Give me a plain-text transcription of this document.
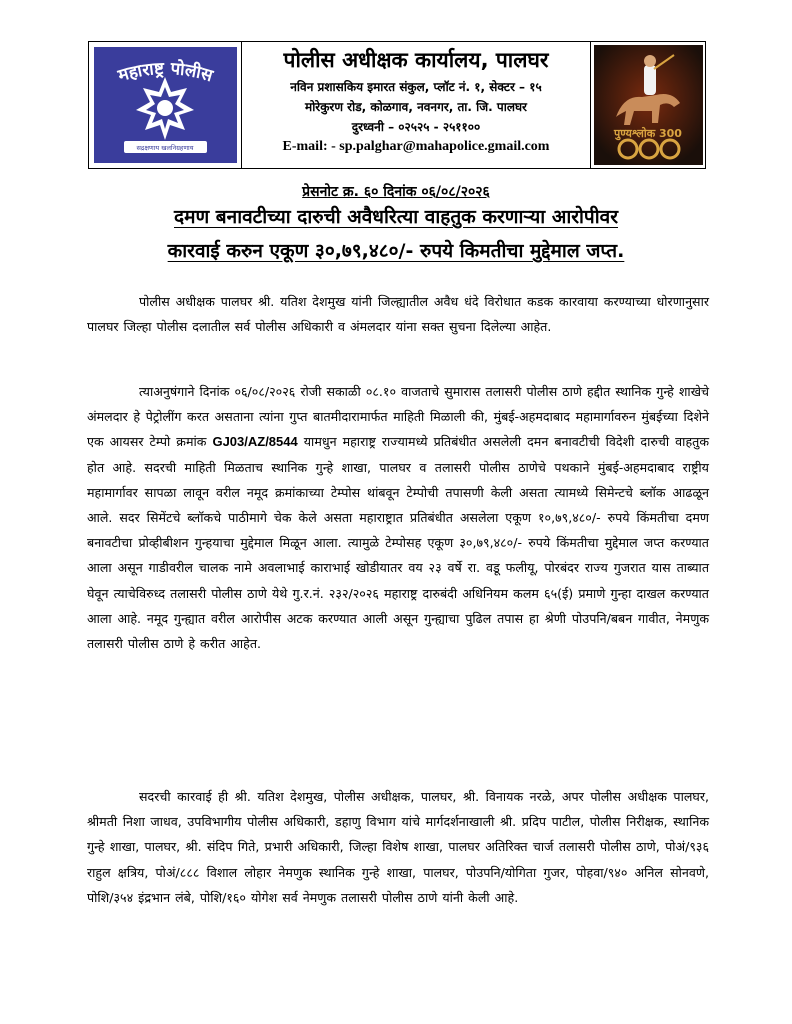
महाराष्ट्र पोलीस
सद्रक्षणाय खलनिग्रहणाय
पोलीस अधीक्षक कार्यालय, पालघर
नविन प्रशासकिय इमारत संकुल, प्लॉट नं. १, सेक्टर – १५
मोरेकुरण रोड, कोळगाव, नवनगर, ता. जि. पालघर
दुरध्वनी – ०२५२५ - २५११००
E-mail: - sp.palghar@mahapolice.gmail.com
पुण्यश्लोक 300
प्रेसनोट क्र. ६० दिनांक ०६/०८/२०२६
दमण बनावटीच्या दारुची अवैधरित्या वाहतुक करणाऱ्या आरोपीवर
कारवाई करुन एकूण ३०,७९,४८०/- रुपये किमतीचा मुद्देमाल जप्त.
पोलीस अधीक्षक पालघर श्री. यतिश देशमुख यांनी जिल्ह्यातील अवैध धंदे विरोधात कडक कारवाया करण्याच्या धोरणानुसार पालघर जिल्हा पोलीस दलातील सर्व पोलीस अधिकारी व अंमलदार यांना सक्त सुचना दिलेल्या आहेत.
त्याअनुषंगाने दिनांक ०६/०८/२०२६ रोजी सकाळी ०८.१० वाजताचे सुमारास तलासरी पोलीस ठाणे हद्दीत स्थानिक गुन्हे शाखेचे अंमलदार हे पेट्रोलींग करत असताना त्यांना गुप्त बातमीदारामार्फत माहिती मिळाली की, मुंबई-अहमदाबाद महामार्गावरुन मुंबईच्या दिशेने एक आयसर टेम्पो क्रमांक GJ03/AZ/8544 यामधुन महाराष्ट्र राज्यामध्ये प्रतिबंधीत असलेली दमन बनावटीची विदेशी दारुची वाहतुक होत आहे. सदरची माहिती मिळताच स्थानिक गुन्हे शाखा, पालघर व तलासरी पोलीस ठाणेचे पथकाने मुंबई-अहमदाबाद राष्ट्रीय महामार्गावर सापळा लावून वरील नमूद क्रमांकाच्या टेम्पोस थांबवून टेम्पोची तपासणी केली असता त्यामध्ये सिमेन्टचे ब्लॉक आढळून आले. सदर सिमेंटचे ब्लॉकचे पाठीमागे चेक केले असता महाराष्ट्रात प्रतिबंधीत असलेला एकूण १०,७९,४८०/- रुपये किंमतीचा दमण बनावटीचा प्रोव्हीबीशन गुन्हयाचा मुद्देमाल मिळून आला. त्यामुळे टेम्पोसह एकूण ३०,७९,४८०/- रुपये किंमतीचा मुद्देमाल जप्त करण्यात आला असून गाडीवरील चालक नामे अवलाभाई काराभाई खोडीयातर वय २३ वर्षे रा. वडू फलीयू, पोरबंदर राज्य गुजरात यास ताब्यात घेवून त्याचेविरुध्द तलासरी पोलीस ठाणे येथे गु.र.नं. २३२/२०२६ महाराष्ट्र दारुबंदी अधिनियम कलम ६५(ई) प्रमाणे गुन्हा दाखल करण्यात आला आहे. नमूद गुन्ह्यात वरील आरोपीस अटक करण्यात आली असून गुन्ह्याचा पुढिल तपास हा श्रेणी पोउपनि/बबन गावीत, नेमणुक तलासरी पोलीस ठाणे हे करीत आहेत.
सदरची कारवाई ही श्री. यतिश देशमुख, पोलीस अधीक्षक, पालघर, श्री. विनायक नरळे, अपर पोलीस अधीक्षक पालघर, श्रीमती निशा जाधव, उपविभागीय पोलीस अधिकारी, डहाणु विभाग यांचे मार्गदर्शनाखाली श्री. प्रदिप पाटील, पोलीस निरीक्षक, स्थानिक गुन्हे शाखा, पालघर, श्री. संदिप गिते, प्रभारी अधिकारी, जिल्हा विशेष शाखा, पालघर अतिरिक्त चार्ज तलासरी पोलीस ठाणे, पोअं/९३६ राहुल क्षत्रिय, पोअं/८८८ विशाल लोहार नेमणुक स्थानिक गुन्हे शाखा, पालघर, पोउपनि/योगिता गुजर, पोहवा/९४० अनिल सोनवणे, पोशि/३५४ इंद्रभान लंबे, पोशि/१६० योगेश सर्व नेमणुक तलासरी पोलीस ठाणे यांनी केली आहे.
